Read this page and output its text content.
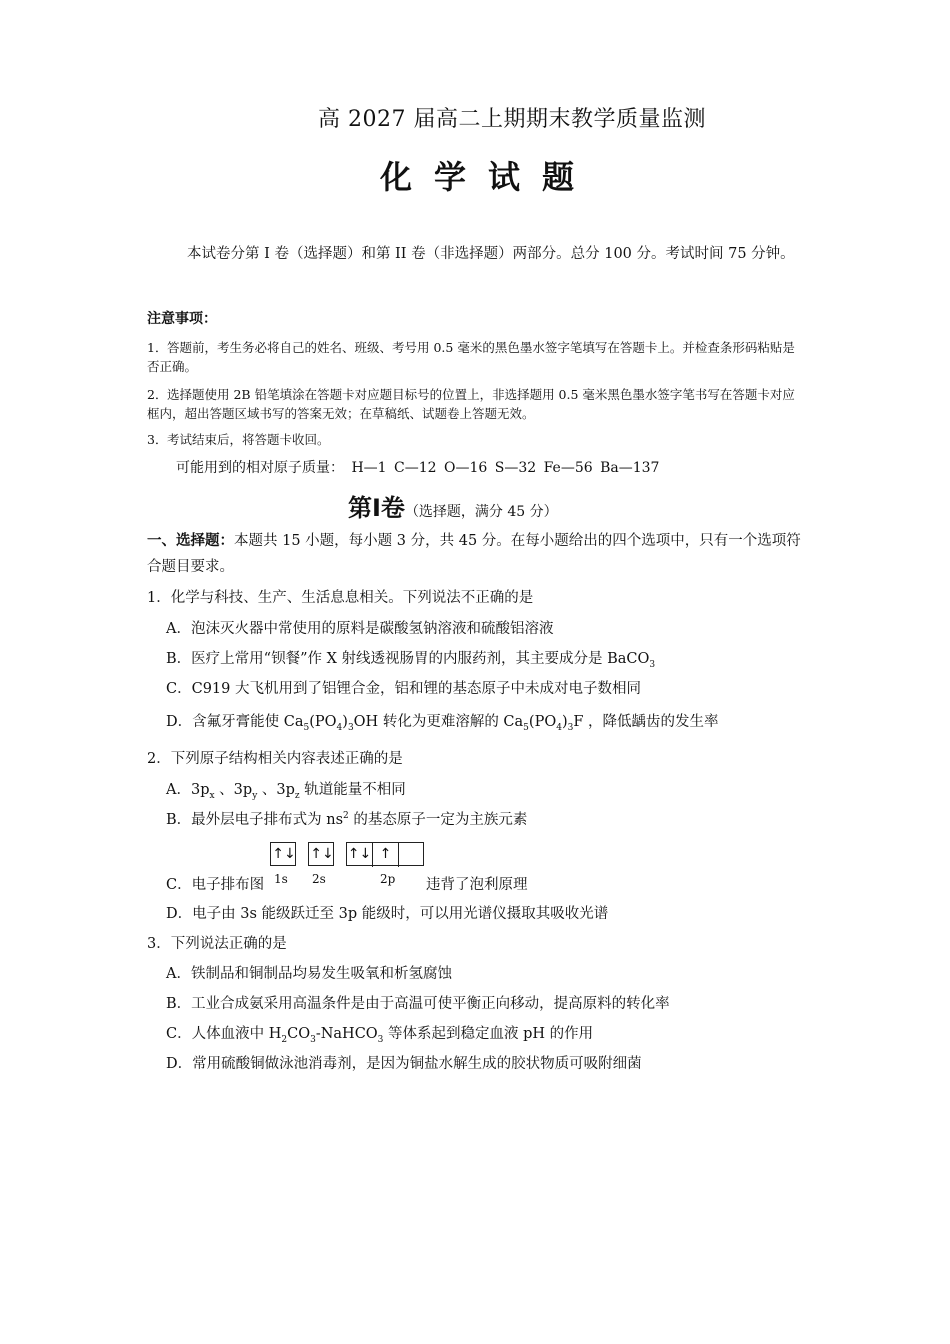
高 2027 届高二上期期末教学质量监测
化学试题
本试卷分第 I 卷（选择题）和第 II 卷（非选择题）两部分。总分 100 分。考试时间 75 分钟。
注意事项：
1．答题前，考生务必将自己的姓名、班级、考号用 0.5 毫米的黑色墨水签字笔填写在答题卡上。并检查条形码粘贴是否正确。
2．选择题使用 2B 铅笔填涂在答题卡对应题目标号的位置上，非选择题用 0.5 毫米黑色墨水签字笔书写在答题卡对应框内，超出答题区域书写的答案无效；在草稿纸、试题卷上答题无效。
3．考试结束后，将答题卡收回。
可能用到的相对原子质量： H—1 C—12 O—16 S—32 Fe—56 Ba—137
第Ⅰ卷（选择题，满分 45 分）
一、选择题：本题共 15 小题，每小题 3 分，共 45 分。在每小题给出的四个选项中，只有一个选项符合题目要求。
1．化学与科技、生产、生活息息相关。下列说法不正确的是
A．泡沫灭火器中常使用的原料是碳酸氢钠溶液和硫酸铝溶液
B．医疗上常用“钡餐”作 X 射线透视肠胃的内服药剂，其主要成分是 BaCO$_3$
C．C919 大飞机用到了铝锂合金，铝和锂的基态原子中未成对电子数相同
D．含氟牙膏能使 $Ca_5(PO_4)_3OH$ 转化为更难溶解的 $Ca_5(PO_4)_3F$ ，降低龋齿的发生率
2．下列原子结构相关内容表述正确的是
A．$3p_x$ 、$3p_y$ 、$3p_z$ 轨道能量不相同
B．最外层电子排布式为 $ns^2$ 的基态原子一定为主族元素
↑↓ ↑↓ ↑↓ ↑
1s 2s	2p
C．电子排布图	违背了泡利原理
D．电子由 3s 能级跃迁至 3p 能级时，可以用光谱仪摄取其吸收光谱
3．下列说法正确的是
A．铁制品和铜制品均易发生吸氧和析氢腐蚀
B．工业合成氨采用高温条件是由于高温可使平衡正向移动，提高原料的转化率
C．人体血液中 $H_2CO_3-NaHCO_3$ 等体系起到稳定血液 pH 的作用
D．常用硫酸铜做泳池消毒剂，是因为铜盐水解生成的胶状物质可吸附细菌
